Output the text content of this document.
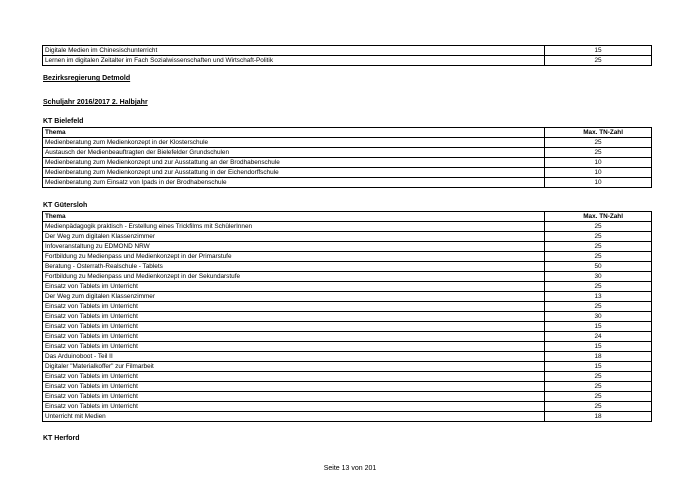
Digitale Medien im Chinesischunterricht	15
Lernen im digitalen Zeitalter im Fach Sozialwissenschaften und Wirtschaft-Politik	25
Bezirksregierung Detmold
Schuljahr 2016/2017 2. Halbjahr
KT Bielefeld
Thema	Max. TN-Zahl
Medienberatung zum Medienkonzept in der Klosterschule	25
Austausch der Medienbeauftragten der Bielefelder Grundschulen	25
Medienberatung zum Medienkonzept und zur Ausstattung an der Brodhabenschule	10
Medienberatung zum Medienkonzept und zur Ausstattung in der Eichendorffschule	10
Medienberatung zum Einsatz von Ipads in der Brodhabenschule	10
KT Gütersloh
Thema	Max. TN-Zahl
Medienpädagogik praktisch - Erstellung eines Trickfilms mit SchülerInnen	25
Der Weg zum digitalen Klassenzimmer	25
Infoveranstaltung zu EDMOND NRW	25
Fortbildung zu Medienpass und Medienkonzept in der Primarstufe	25
Beratung - Osterrath-Realschule - Tablets	50
Fortbildung zu Medienpass und Medienkonzept in der Sekundarstufe	30
Einsatz von Tablets im Unterricht	25
Der Weg zum digitalen Klassenzimmer	13
Einsatz von Tablets im Unterricht	25
Einsatz von Tablets im Unterricht	30
Einsatz von Tablets im Unterricht	15
Einsatz von Tablets im Unterricht	24
Einsatz von Tablets im Unterricht	15
Das Arduinoboot - Teil II	18
Digitaler "Materialkoffer" zur Filmarbeit	15
Einsatz von Tablets im Unterricht	25
Einsatz von Tablets im Unterricht	25
Einsatz von Tablets im Unterricht	25
Einsatz von Tablets im Unterricht	25
Unterricht mit Medien	18
KT Herford
Seite 13 von 201
